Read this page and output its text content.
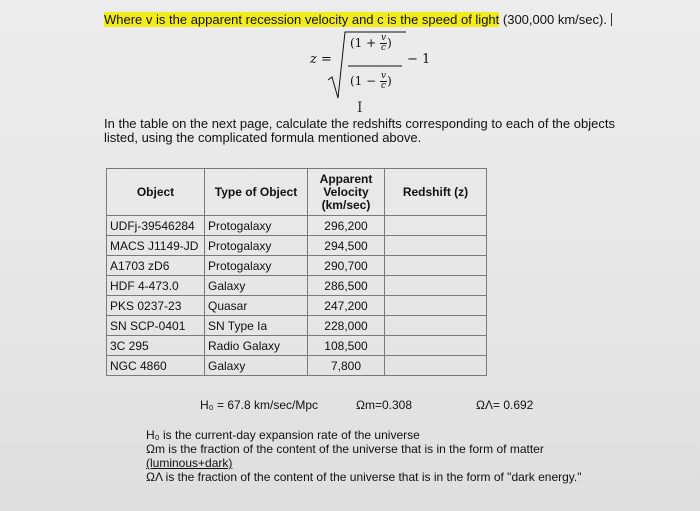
Where v is the apparent recession velocity and c is the speed of light (300,000 km/sec).
z =
$(1 + \frac{v}{c})$
$(1 - \frac{v}{c})$
− 1
I
In the table on the next page, calculate the redshifts corresponding to each of the objects listed, using the complicated formula mentioned above.
Object	Type of Object	Apparent Velocity (km/sec)	Redshift (z)
UDFj-39546284	Protogalaxy	296,200	
MACS J1149-JD	Protogalaxy	294,500	
A1703 zD6	Protogalaxy	290,700	
HDF 4-473.0	Galaxy	286,500	
PKS 0237-23	Quasar	247,200	
SN SCP-0401	SN Type Ia	228,000	
3C 295	Radio Galaxy	108,500	
NGC 4860	Galaxy	7,800	
H₀ = 67.8 km/sec/Mpc	Ωm=0.308	ΩΛ= 0.692
H₀ is the current-day expansion rate of the universe
Ωm is the fraction of the content of the universe that is in the form of matter
(luminous+dark)
ΩΛ is the fraction of the content of the universe that is in the form of "dark energy."
